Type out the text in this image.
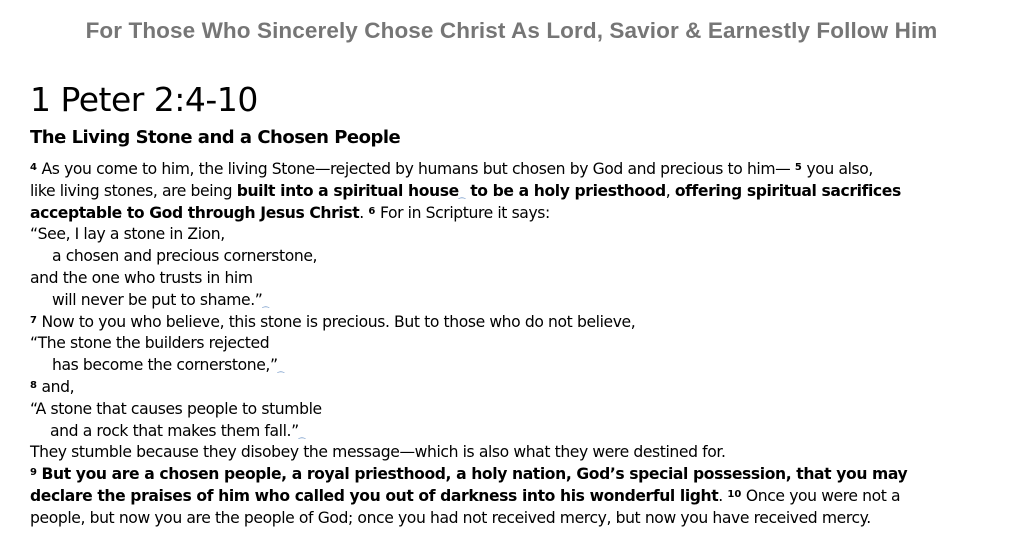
For Those Who Sincerely Chose Christ As Lord, Savior & Earnestly Follow Him
1 Peter 2:4-10
The Living Stone and a Chosen People
$^4$ As you come to him, the living Stone—rejected by humans but chosen by God and precious to him— $^5$ you also,
like living stones, are being built into a spiritual house⁔ to be a holy priesthood, offering spiritual sacrifices
acceptable to God through Jesus Christ. $^6$ For in Scripture it says:
“See, I lay a stone in Zion,
a chosen and precious cornerstone,
and the one who trusts in him
will never be put to shame.”⁔
$^7$ Now to you who believe, this stone is precious. But to those who do not believe,
“The stone the builders rejected
has become the cornerstone,”⁔
$^8$ and,
“A stone that causes people to stumble
and a rock that makes them fall.”⁔
They stumble because they disobey the message—which is also what they were destined for.
$^9$ But you are a chosen people, a royal priesthood, a holy nation, God’s special possession, that you may
declare the praises of him who called you out of darkness into his wonderful light. $^{10}$ Once you were not a
people, but now you are the people of God; once you had not received mercy, but now you have received mercy.
